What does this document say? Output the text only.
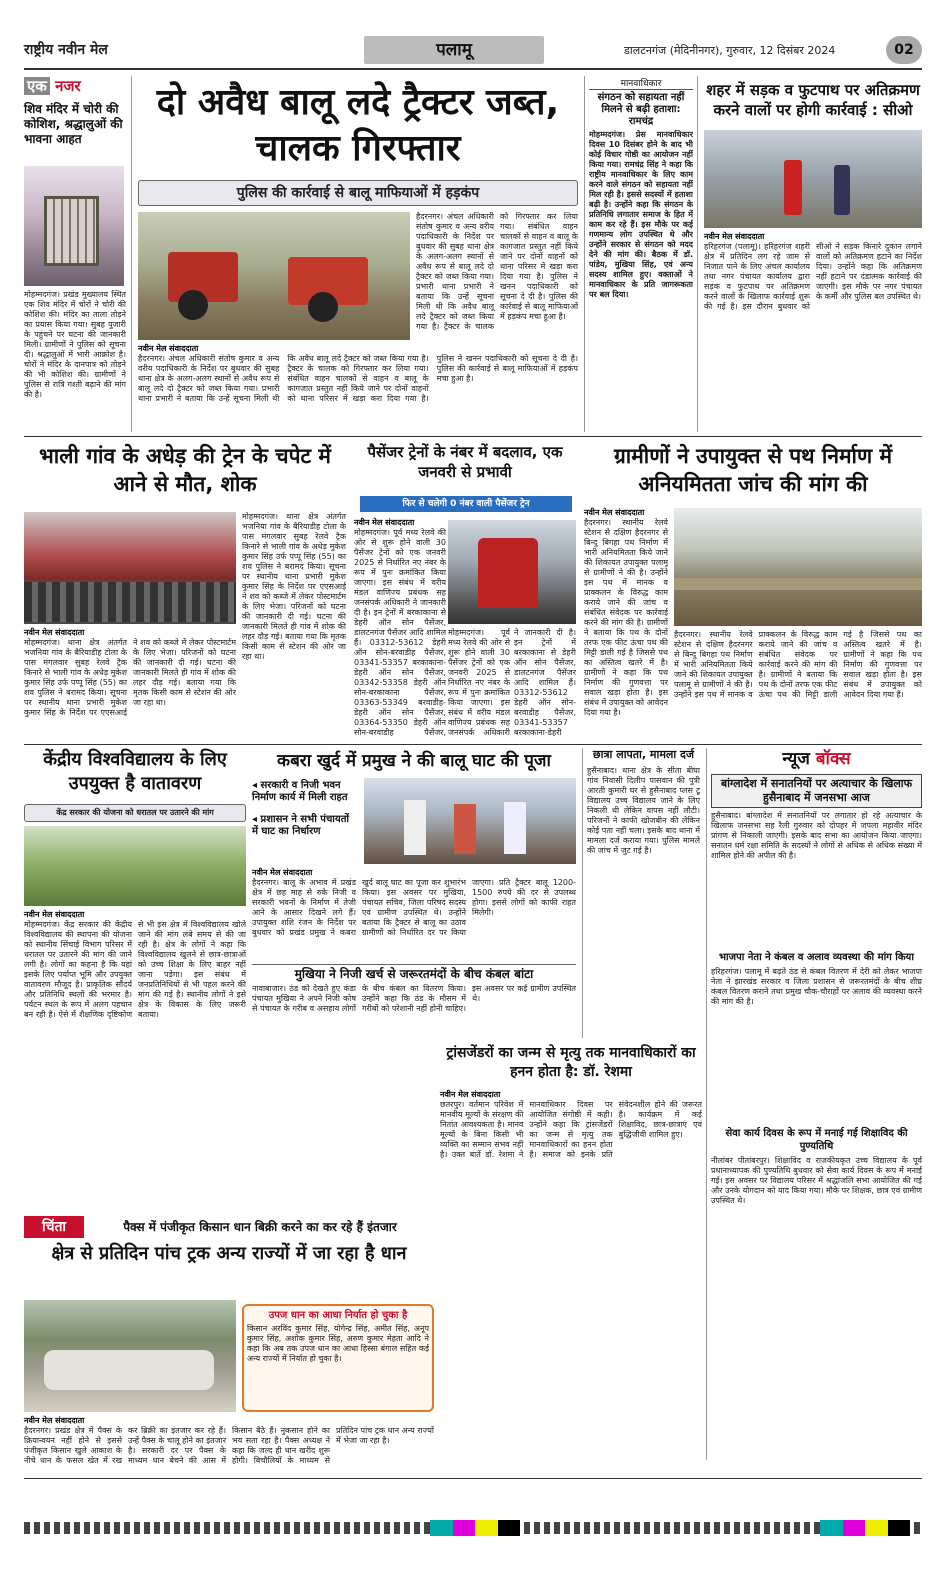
राष्ट्रीय नवीन मेल	पलामू	डालटनगंज (मेदिनीनगर), गुरुवार, 12 दिसंबर 2024	02
एक नजर
शिव मंदिर में चोरी की कोशिश, श्रद्धालुओं की भावना आहत
मोहम्मदगंज। प्रखंड मुख्यालय स्थित एक शिव मंदिर में चोरों ने चोरी की कोशिश की। मंदिर का ताला तोड़ने का प्रयास किया गया। सुबह पुजारी के पहुंचने पर घटना की जानकारी मिली। ग्रामीणों ने पुलिस को सूचना दी। श्रद्धालुओं में भारी आक्रोश है। चोरों ने मंदिर के दानपात्र को तोड़ने की भी कोशिश की। ग्रामीणों ने पुलिस से रात्रि गश्ती बढ़ाने की मांग की है।
दो अवैध बालू लदे ट्रैक्टर जब्त, चालक गिरफ्तार
पुलिस की कार्रवाई से बालू माफियाओं में हड़कंप
नवीन मेल संवाददाता
हैदरनगर। अंचल अधिकारी संतोष कुमार व अन्य वरीय पदाधिकारी के निर्देश पर बुधवार की सुबह थाना क्षेत्र के अलग-अलग स्थानों से अवैध रूप से बालू लदे दो ट्रैक्टर को जब्त किया गया। प्रभारी थाना प्रभारी ने बताया कि उन्हें सूचना मिली थी कि अवैध बालू लदे ट्रैक्टर को जब्त किया गया है। ट्रैक्टर के चालक को गिरफ्तार कर लिया गया। संबंधित वाहन चालकों से वाहन व बालू के कागजात प्रस्तुत नहीं किये जाने पर दोनों वाहनों को थाना परिसर में खड़ा करा दिया गया है। पुलिस ने खनन पदाधिकारी को सूचना दे दी है। पुलिस की कार्रवाई से बालू माफियाओं में हड़कंप मचा हुआ है।
हैदरनगर। अंचल अधिकारी संतोष कुमार व अन्य वरीय पदाधिकारी के निर्देश पर बुधवार की सुबह थाना क्षेत्र के अलग-अलग स्थानों से अवैध रूप से बालू लदे दो ट्रैक्टर को जब्त किया गया। प्रभारी थाना प्रभारी ने बताया कि उन्हें सूचना मिली थी कि अवैध बालू लदे ट्रैक्टर को जब्त किया गया है। ट्रैक्टर के चालक को गिरफ्तार कर लिया गया। संबंधित वाहन चालकों से वाहन व बालू के कागजात प्रस्तुत नहीं किये जाने पर दोनों वाहनों को थाना परिसर में खड़ा करा दिया गया है। पुलिस ने खनन पदाधिकारी को सूचना दे दी है। पुलिस की कार्रवाई से बालू माफियाओं में हड़कंप मचा हुआ है।
मानवाधिकार
संगठन को सहायता नहीं मिलने से बढ़ी हताशा: रामचंद्र
मोहम्मदगंज। प्रेस मानवाधिकार दिवस 10 दिसंबर होने के बाद भी कोई विधार गोष्ठी का आयोजन नहीं किया गया। रामचंद्र सिंह ने कहा कि राष्ट्रीय मानवाधिकार के लिए काम करने वाले संगठन को सहायता नहीं मिल रही है। इससे सदस्यों में हताशा बढ़ी है। उन्होंने कहा कि संगठन के प्रतिनिधि लगातार समाज के हित में काम कर रहे हैं। इस मौके पर कई गणमान्य लोग उपस्थित थे और उन्होंने सरकार से संगठन को मदद देने की मांग की। बैठक में डॉ. पांडेय, मुखिया सिंह, एवं अन्य सदस्य शामिल हुए। वक्ताओं ने मानवाधिकार के प्रति जागरूकता पर बल दिया।
शहर में सड़क व फुटपाथ पर अतिक्रमण करने वालों पर होगी कार्रवाई : सीओ
नवीन मेल संवाददाता
हरिहरगंज (पलामू)। हरिहरगंज शहरी क्षेत्र में प्रतिदिन लग रहे जाम से निजात पाने के लिए अंचल कार्यालय तथा नगर पंचायत कार्यालय द्वारा सड़क व फुटपाथ पर अतिक्रमण करने वालों के खिलाफ कार्रवाई शुरू की गई है। इस दौरान बुधवार को सीओ ने सड़क किनारे दुकान लगाने वालों को अतिक्रमण हटाने का निर्देश दिया। उन्होंने कहा कि अतिक्रमण नहीं हटाने पर दंडात्मक कार्रवाई की जाएगी। इस मौके पर नगर पंचायत के कर्मी और पुलिस बल उपस्थित थे।
भाली गांव के अधेड़ की ट्रेन के चपेट में आने से मौत, शोक
नवीन मेल संवाददाता
मोहम्मदगंज। थाना क्षेत्र अंतर्गत भजनिया गांव के बैरियाडीह टोला के पास मंगलवार सुबह रेलवे ट्रैक किनारे से भाली गांव के अधेड़ मुकेश कुमार सिंह उर्फ पप्पू सिंह (55) का शव पुलिस ने बरामद किया। सूचना पर स्थानीय थाना प्रभारी मुकेश कुमार सिंह के निर्देश पर एएसआई ने शव को कब्जे में लेकर पोस्टमार्टम के लिए भेजा। परिजनों को घटना की जानकारी दी गई। घटना की जानकारी मिलते ही गांव में शोक की लहर दौड़ गई। बताया गया कि मृतक किसी काम से स्टेशन की ओर जा रहा था।
मोहम्मदगंज। थाना क्षेत्र अंतर्गत भजनिया गांव के बैरियाडीह टोला के पास मंगलवार सुबह रेलवे ट्रैक किनारे से भाली गांव के अधेड़ मुकेश कुमार सिंह उर्फ पप्पू सिंह (55) का शव पुलिस ने बरामद किया। सूचना पर स्थानीय थाना प्रभारी मुकेश कुमार सिंह के निर्देश पर एएसआई ने शव को कब्जे में लेकर पोस्टमार्टम के लिए भेजा। परिजनों को घटना की जानकारी दी गई। घटना की जानकारी मिलते ही गांव में शोक की लहर दौड़ गई। बताया गया कि मृतक किसी काम से स्टेशन की ओर जा रहा था।
पैसेंजर ट्रेनों के नंबर में बदलाव, एक जनवरी से प्रभावी
फिर से चलेगी 0 नंबर वाली पैसेंजर ट्रेन
नवीन मेल संवाददाता
मोहम्मदगंज। पूर्व मध्य रेलवे की ओर से शुरू होने वाली 30 पैसेंजर ट्रेनों को एक जनवरी 2025 से निर्धारित नए नंबर के रूप में पुनः क्रमांकित किया जाएगा। इस संबंध में वरीय मंडल वाणिज्य प्रबंधक सह जनसंपर्क अधिकारी ने जानकारी दी है। इन ट्रेनों में बरकाकाना से डेहरी ऑन सोन पैसेंजर, डालटनगंज पैसेंजर आदि शामिल हैं। 03312-53612 डेहरी ऑन सोन-बरवाडीह पैसेंजर, 03341-53357 बरकाकाना-डेहरी ऑन सोन पैसेंजर, 03342-53358 डेहरी ऑन सोन-बरकाकाना पैसेंजर, 03363-53349 बरवाडीह-डेहरी ऑन सोन पैसेंजर, 03364-53350 डेहरी ऑन सोन-बरवाडीह पैसेंजर,
मोहम्मदगंज। पूर्व मध्य रेलवे की ओर से शुरू होने वाली 30 पैसेंजर ट्रेनों को एक जनवरी 2025 से निर्धारित नए नंबर के रूप में पुनः क्रमांकित किया जाएगा। इस संबंध में वरीय मंडल वाणिज्य प्रबंधक सह जनसंपर्क अधिकारी ने जानकारी दी है। इन ट्रेनों में बरकाकाना से डेहरी ऑन सोन पैसेंजर, डालटनगंज पैसेंजर आदि शामिल हैं। 03312-53612 डेहरी ऑन सोन-बरवाडीह पैसेंजर, 03341-53357 बरकाकाना-डेहरी
ग्रामीणों ने उपायुक्त से पथ निर्माण में अनियमितता जांच की मांग की
नवीन मेल संवाददाता
हैदरनगर। स्थानीय रेलवे स्टेशन से दक्षिण हैदरनगर से बिन्दु बिगहा पथ निर्माण में भारी अनियमितता किये जाने की शिकायत उपायुक्त पलामू से ग्रामीणों ने की है। उन्होंने इस पथ में मानक व प्राक्कलन के विरुद्ध काम कराये जाने की जांच व संबंधित संवेदक पर कार्रवाई करने की मांग की है। ग्रामीणों ने बताया कि पथ के दोनों तरफ एक फीट ऊंचा पथ की मिट्टी डाली गई है जिससे पथ का अस्तित्व खतरे में है। ग्रामीणों ने कहा कि पथ निर्माण की गुणवत्ता पर सवाल खड़ा होता है। इस संबंध में उपायुक्त को आवेदन दिया गया है।
हैदरनगर। स्थानीय रेलवे स्टेशन से दक्षिण हैदरनगर से बिन्दु बिगहा पथ निर्माण में भारी अनियमितता किये जाने की शिकायत उपायुक्त पलामू से ग्रामीणों ने की है। उन्होंने इस पथ में मानक व प्राक्कलन के विरुद्ध काम कराये जाने की जांच व संबंधित संवेदक पर कार्रवाई करने की मांग की है। ग्रामीणों ने बताया कि पथ के दोनों तरफ एक फीट ऊंचा पथ की मिट्टी डाली गई है जिससे पथ का अस्तित्व खतरे में है। ग्रामीणों ने कहा कि पथ निर्माण की गुणवत्ता पर सवाल खड़ा होता है। इस संबंध में उपायुक्त को आवेदन दिया गया है।
केंद्रीय विश्वविद्यालय के लिए उपयुक्त है वातावरण
केंद्र सरकार की योजना को धरातल पर उतारने की मांग
नवीन मेल संवाददाता
मोहम्मदगंज। केंद्र सरकार की केंद्रीय विश्वविद्यालय की स्थापना की योजना को स्थानीय सिंचाई विभाग परिसर में धरातल पर उतारने की मांग की जाने लगी है। लोगों का कहना है कि यहां इसके लिए पर्याप्त भूमि और उपयुक्त वातावरण मौजूद है। प्राकृतिक सौंदर्य और प्रतिनिधि स्थलों की भरमार है। पर्यटन स्थल के रूप में अलग पहचान बन रही है। ऐसे में शैक्षणिक दृष्टिकोण से भी इस क्षेत्र में विश्वविद्यालय खोले जाने की मांग लंबे समय से की जा रही है। क्षेत्र के लोगों ने कहा कि विश्वविद्यालय खुलने से छात्र-छात्राओं को उच्च शिक्षा के लिए बाहर नहीं जाना पड़ेगा। इस संबंध में जनप्रतिनिधियों से भी पहल करने की मांग की गई है। स्थानीय लोगों ने इसे क्षेत्र के विकास के लिए जरूरी बताया।
कबरा खुर्द में प्रमुख ने की बालू घाट की पूजा
◂ सरकारी व निजी भवन निर्माण कार्य में मिली राहत
◂ प्रशासन ने सभी पंचायतों में घाट का निर्धारण
नवीन मेल संवाददाता
हैदरनगर। बालू के अभाव में प्रखंड क्षेत्र में छह माह से रुके निजी व सरकारी भवनों के निर्माण में तेजी आने के आसार दिखने लगे हैं। उपायुक्त शशि रंजन के निर्देश पर बुधवार को प्रखंड प्रमुख ने कबरा खुर्द बालू घाट का पूजा कर शुभारंभ किया। इस अवसर पर मुखिया, पंचायत सचिव, जिला परिषद सदस्य एवं ग्रामीण उपस्थित थे। उन्होंने बताया कि ट्रैक्टर से बालू का उठाव ग्रामीणों को निर्धारित दर पर किया जाएगा। प्रति ट्रैक्टर बालू 1200-1500 रुपये की दर से उपलब्ध होगा। इससे लोगों को काफी राहत मिलेगी।
मुखिया ने निजी खर्च से जरूरतमंदों के बीच कंबल बांटा
नावाबाजार। ठंड को देखते हुए कंडा पंचायत मुखिया ने अपने निजी कोष से पंचायत के गरीब व असहाय लोगों के बीच कंबल का वितरण किया। उन्होंने कहा कि ठंड के मौसम में गरीबों को परेशानी नहीं होनी चाहिए। इस अवसर पर कई ग्रामीण उपस्थित थे।
छात्रा लापता, मामला दर्ज
हुसैनाबाद। थाना क्षेत्र के सीता बीघा गांव निवासी दिलीप पासवान की पुत्री आरती कुमारी घर से हुसैनाबाद प्लस टू विद्यालय उच्च विद्यालय जाने के लिए निकली थी लेकिन वापस नहीं लौटी। परिजनों ने काफी खोजबीन की लेकिन कोई पता नहीं चला। इसके बाद थाना में मामला दर्ज कराया गया। पुलिस मामले की जांच में जुट गई है।
न्यूज बॉक्स
बांग्लादेश में सनातनियों पर अत्याचार के खिलाफ हुसैनाबाद में जनसभा आज
हुसैनाबाद। बांग्लादेश में सनातनियों पर लगातार हो रहे अत्याचार के खिलाफ जनसभा सह रैली गुरुवार को दोपहर में जपला महावीर मंदिर प्रांगण से निकाली जाएगी। इसके बाद सभा का आयोजन किया जाएगा। सनातन धर्म रक्षा समिति के सदस्यों ने लोगों से अधिक से अधिक संख्या में शामिल होने की अपील की है।
भाजपा नेता ने कंबल व अलाव व्यवस्था की मांग किया
हरिहरगंज। पलामू में बढ़ते ठंड से कंबल वितरण में देरी को लेकर भाजपा नेता ने झारखंड सरकार व जिला प्रशासन से जरूरतमंदों के बीच शीघ्र कंबल वितरण कराने तथा प्रमुख चौक-चौराहों पर अलाव की व्यवस्था करने की मांग की है।
सेवा कार्य दिवस के रूप में मनाई गई शिक्षाविद की पुण्यतिथि
नीलांबर पीतांबरपुर। शिक्षाविद व राजकीयकृत उच्च विद्यालय के पूर्व प्रधानाध्यापक की पुण्यतिथि बुधवार को सेवा कार्य दिवस के रूप में मनाई गई। इस अवसर पर विद्यालय परिसर में श्रद्धांजलि सभा आयोजित की गई और उनके योगदान को याद किया गया। मौके पर शिक्षक, छात्र एवं ग्रामीण उपस्थित थे।
ट्रांसजेंडरों का जन्म से मृत्यु तक मानवाधिकारों का हनन होता है: डॉ. रेशमा
नवीन मेल संवाददाता
छतरपुर। वर्तमान परिवेश में मानवीय मूल्यों के संरक्षण की नितांत आवश्यकता है। मानव मूल्यों के बिना किसी भी व्यक्ति का सम्मान संभव नहीं है। उक्त बातें डॉ. रेशमा ने मानवाधिकार दिवस पर आयोजित संगोष्ठी में कही। उन्होंने कहा कि ट्रांसजेंडरों का जन्म से मृत्यु तक मानवाधिकारों का हनन होता है। समाज को इनके प्रति संवेदनशील होने की जरूरत है। कार्यक्रम में कई शिक्षाविद, छात्र-छात्राएं एवं बुद्धिजीवी शामिल हुए।
चिंता	पैक्स में पंजीकृत किसान धान बिक्री करने का कर रहे हैं इंतजार
क्षेत्र से प्रतिदिन पांच ट्रक अन्य राज्यों में जा रहा है धान
उपज धान का आधा निर्यात हो चुका है
किसान अरविंद कुमार सिंह, योगेन्द्र सिंह, अमीत सिंह, अनूप कुमार सिंह, अशोक कुमार सिंह, अरुण कुमार मेहता आदि ने कहा कि अब तक उपज धान का आधा हिस्सा बंगाल सहित कई अन्य राज्यों में निर्यात हो चुका है।
नवीन मेल संवाददाता
हैदरनगर। प्रखंड क्षेत्र में पैक्स के क्रियान्वयन नहीं होने से इससे पंजीकृत किसान खुले आकाश के नीचे धान के फसल खेत में रख कर ब्रिक्री का इंतजार कर रहे हैं। उन्हें पैक्स के चालू होने का इंतजार है। सरकारी दर पर पैक्स के माध्यम धान बेचने की आस में किसान बैठे हैं। नुकसान होने का भय सता रहा है। पैक्स अध्यक्ष ने कहा कि जल्द ही धान खरीद शुरू होगी। बिचौलियों के माध्यम से प्रतिदिन पांच ट्रक धान अन्य राज्यों में भेजा जा रहा है।
